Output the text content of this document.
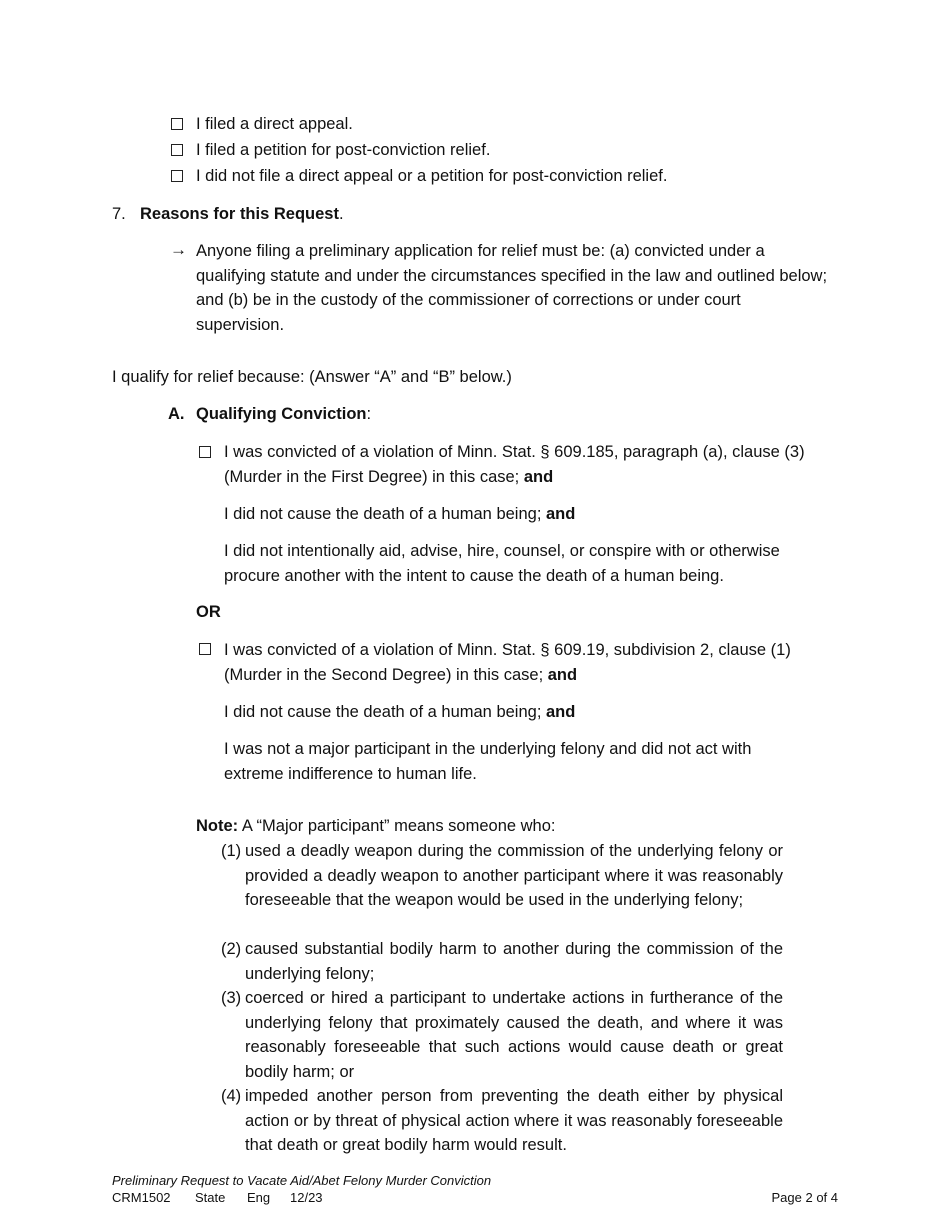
I filed a direct appeal.
I filed a petition for post-conviction relief.
I did not file a direct appeal or a petition for post-conviction relief.
7. Reasons for this Request.
→ Anyone filing a preliminary application for relief must be: (a) convicted under a qualifying statute and under the circumstances specified in the law and outlined below; and (b) be in the custody of the commissioner of corrections or under court supervision.
I qualify for relief because: (Answer “A” and “B” below.)
A. Qualifying Conviction:
I was convicted of a violation of Minn. Stat. § 609.185, paragraph (a), clause (3)
(Murder in the First Degree) in this case; and
I did not cause the death of a human being; and
I did not intentionally aid, advise, hire, counsel, or conspire with or otherwise procure another with the intent to cause the death of a human being.
OR
I was convicted of a violation of Minn. Stat. § 609.19, subdivision 2, clause (1)
(Murder in the Second Degree) in this case; and
I did not cause the death of a human being; and
I was not a major participant in the underlying felony and did not act with extreme indifference to human life.
Note: A “Major participant” means someone who:
(1) used a deadly weapon during the commission of the underlying felony or provided a deadly weapon to another participant where it was reasonably foreseeable that the weapon would be used in the underlying felony;
(2) caused substantial bodily harm to another during the commission of the underlying felony;
(3) coerced or hired a participant to undertake actions in furtherance of the underlying felony that proximately caused the death, and where it was reasonably foreseeable that such actions would cause death or great bodily harm; or
(4) impeded another person from preventing the death either by physical action or by threat of physical action where it was reasonably foreseeable that death or great bodily harm would result.
Preliminary Request to Vacate Aid/Abet Felony Murder Conviction
CRM1502 State Eng 12/23	Page 2 of 4
